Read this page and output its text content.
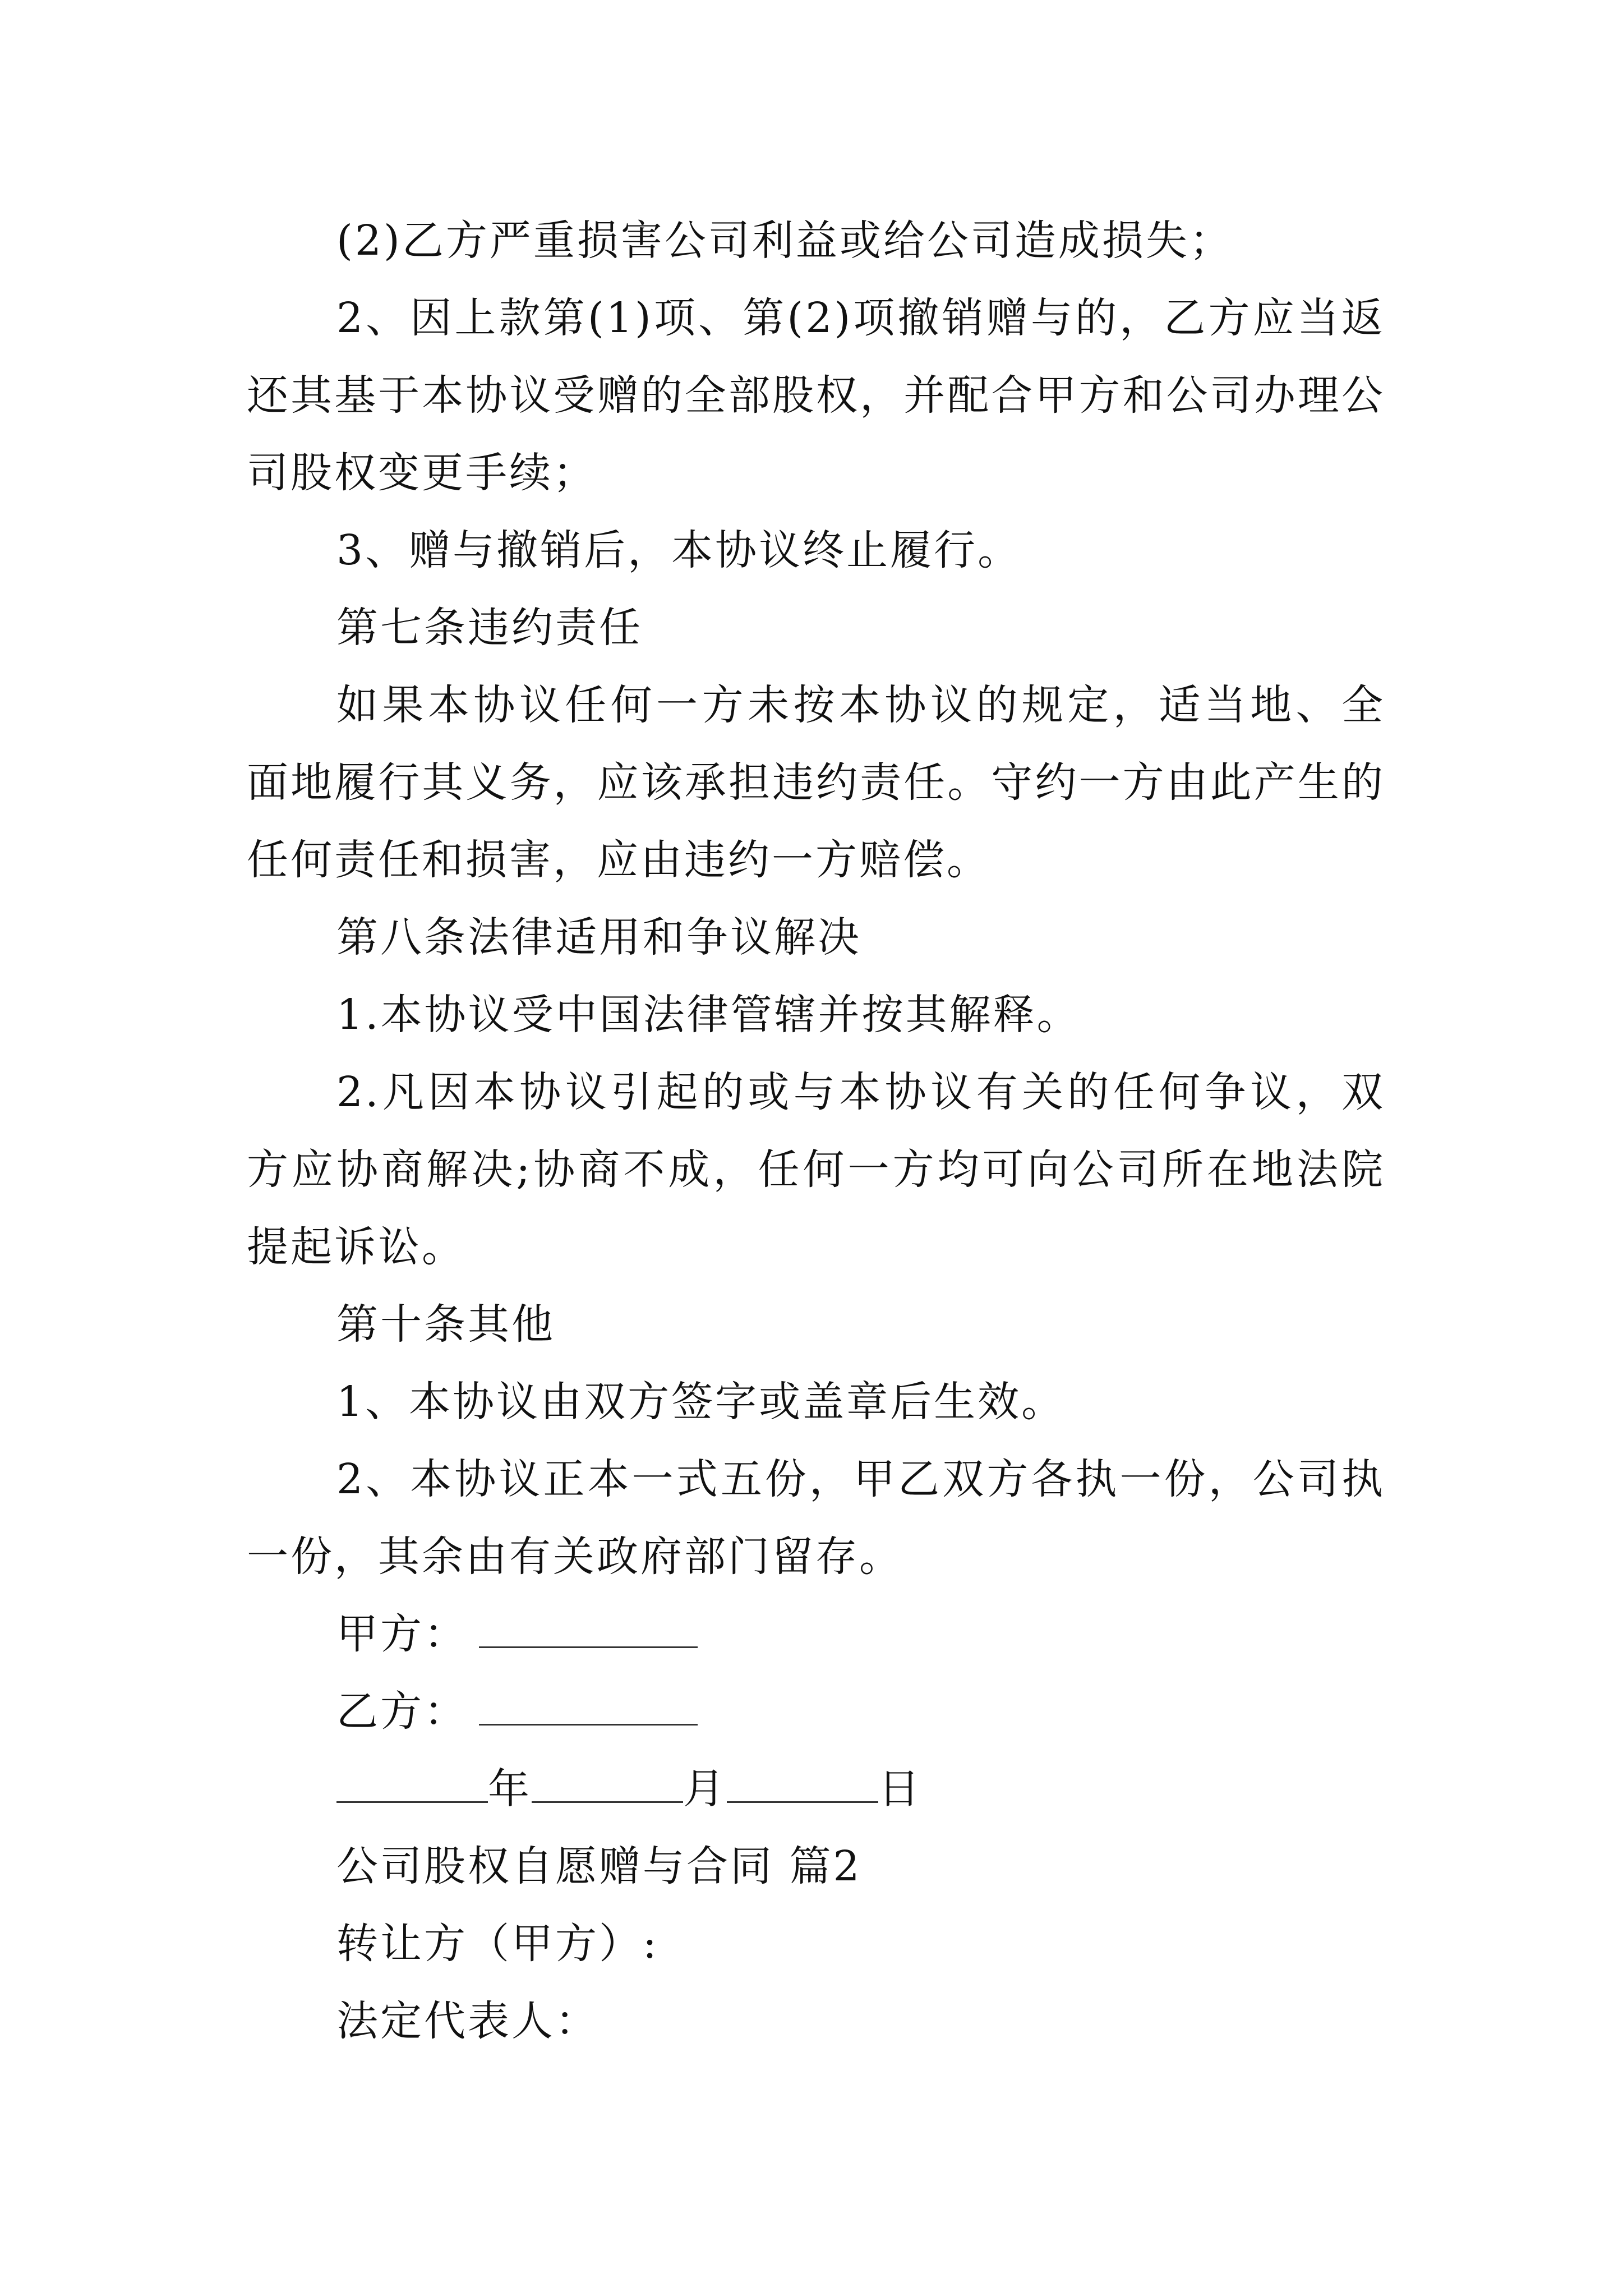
(2)乙方严重损害公司利益或给公司造成损失；

2、因上款第(1)项、第(2)项撤销赠与的，乙方应当返还其基于本协议受赠的全部股权，并配合甲方和公司办理公司股权变更手续；

3、赠与撤销后，本协议终止履行。

第七条违约责任

如果本协议任何一方未按本协议的规定，适当地、全面地履行其义务，应该承担违约责任。守约一方由此产生的任何责任和损害，应由违约一方赔偿。

第八条法律适用和争议解决

1.本协议受中国法律管辖并按其解释。

2.凡因本协议引起的或与本协议有关的任何争议，双方应协商解决;协商不成，任何一方均可向公司所在地法院提起诉讼。

第十条其他

1、本协议由双方签字或盖章后生效。

2、本协议正本一式五份，甲乙双方各执一份，公司执一份，其余由有关政府部门留存。

甲方：

乙方：

年	月	日

公司股权自愿赠与合同 篇2

转让方（甲方）:

法定代表人：
